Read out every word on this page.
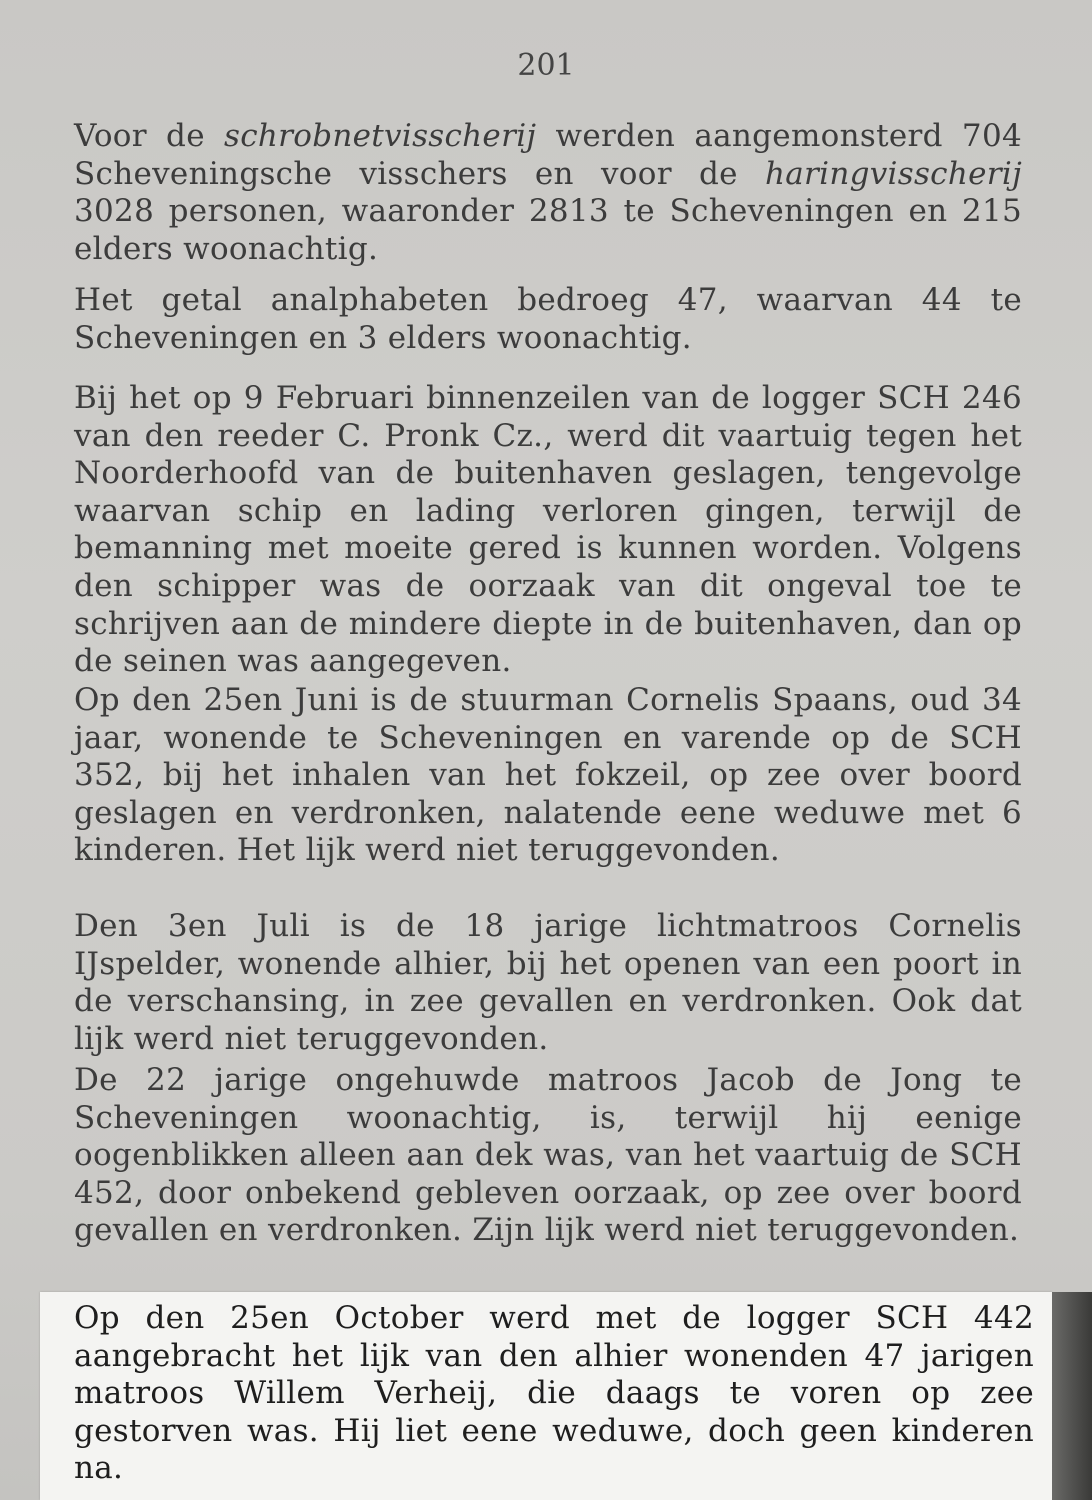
201

Voor de schrobnetvisscherij werden aangemonsterd 704 Scheveningsche visschers en voor de haringvisscherij 3028 personen, waaronder 2813 te Scheveningen en 215 elders woonachtig.

Het getal analphabeten bedroeg 47, waarvan 44 te Scheveningen en 3 elders woonachtig.

Bij het op 9 Februari binnenzeilen van de logger SCH 246 van den reeder C. Pronk Cz., werd dit vaartuig tegen het Noorderhoofd van de buitenhaven geslagen, tengevolge waarvan schip en lading verloren gingen, terwijl de bemanning met moeite gered is kunnen worden. Volgens den schipper was de oorzaak van dit ongeval toe te schrijven aan de mindere diepte in de buitenhaven, dan op de seinen was aangegeven.

Op den 25en Juni is de stuurman Cornelis Spaans, oud 34 jaar, wonende te Scheveningen en varende op de SCH 352, bij het inhalen van het fokzeil, op zee over boord geslagen en verdronken, nalatende eene weduwe met 6 kinderen. Het lijk werd niet teruggevonden.

Den 3en Juli is de 18 jarige lichtmatroos Cornelis IJspelder, wonende alhier, bij het openen van een poort in de verschansing, in zee gevallen en verdronken. Ook dat lijk werd niet teruggevonden.

De 22 jarige ongehuwde matroos Jacob de Jong te Scheveningen woonachtig, is, terwijl hij eenige oogenblikken alleen aan dek was, van het vaartuig de SCH 452, door onbekend gebleven oorzaak, op zee over boord gevallen en verdronken. Zijn lijk werd niet teruggevonden.

Op den 25en October werd met de logger SCH 442 aangebracht het lijk van den alhier wonenden 47 jarigen matroos Willem Verheij, die daags te voren op zee gestorven was. Hij liet eene weduwe, doch geen kinderen na.
